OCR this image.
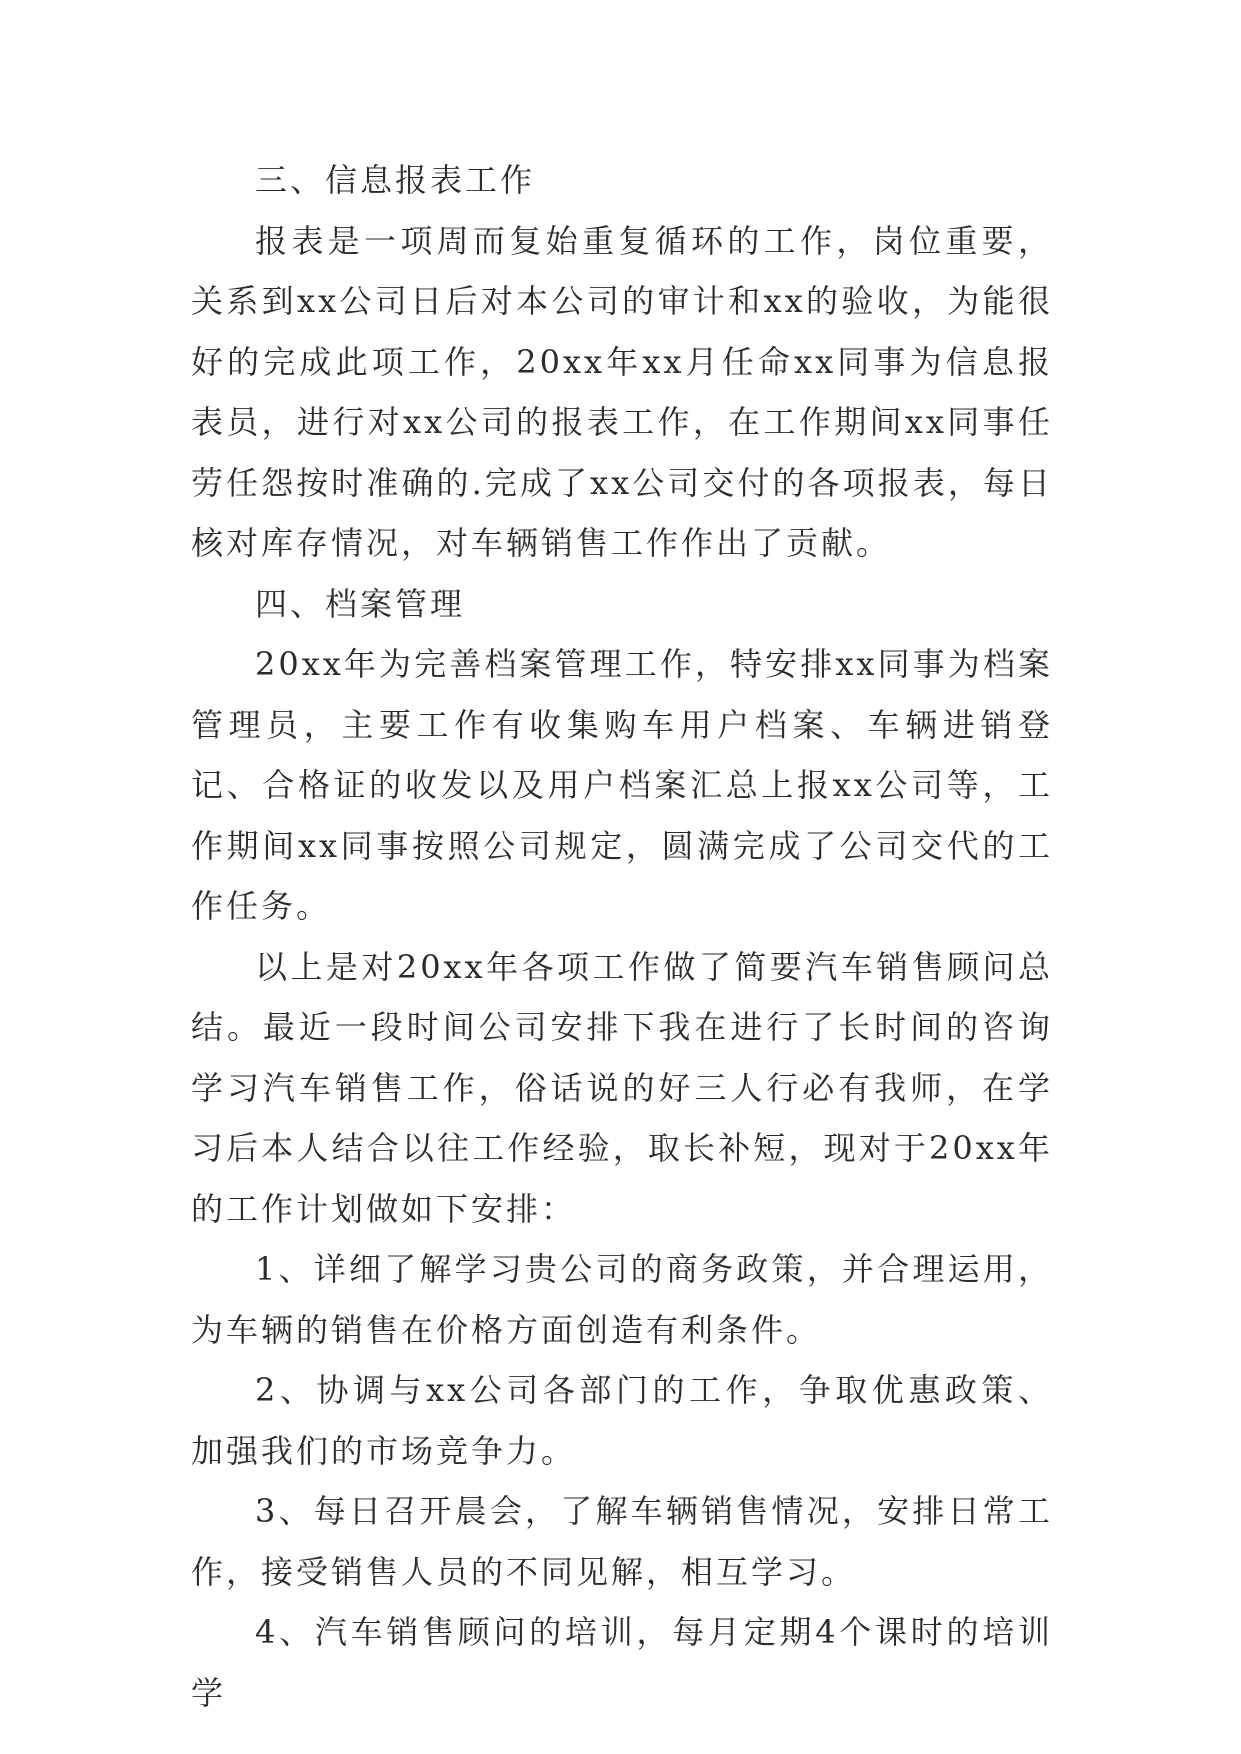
三、信息报表工作

报表是一项周而复始重复循环的工作，岗位重要，关系到xx公司日后对本公司的审计和xx的验收，为能很好的完成此项工作，20xx年xx月任命xx同事为信息报表员，进行对xx公司的报表工作，在工作期间xx同事任劳任怨按时准确的.完成了xx公司交付的各项报表，每日核对库存情况，对车辆销售工作作出了贡献。

四、档案管理

20xx年为完善档案管理工作，特安排xx同事为档案管理员，主要工作有收集购车用户档案、车辆进销登记、合格证的收发以及用户档案汇总上报xx公司等，工作期间xx同事按照公司规定，圆满完成了公司交代的工作任务。

以上是对20xx年各项工作做了简要汽车销售顾问总结。最近一段时间公司安排下我在进行了长时间的咨询学习汽车销售工作，俗话说的好三人行必有我师，在学习后本人结合以往工作经验，取长补短，现对于20xx年的工作计划做如下安排：

1、详细了解学习贵公司的商务政策，并合理运用，为车辆的销售在价格方面创造有利条件。

2、协调与xx公司各部门的工作，争取优惠政策、加强我们的市场竞争力。

3、每日召开晨会，了解车辆销售情况，安排日常工作，接受销售人员的不同见解，相互学习。

4、汽车销售顾问的培训，每月定期4个课时的培训学
